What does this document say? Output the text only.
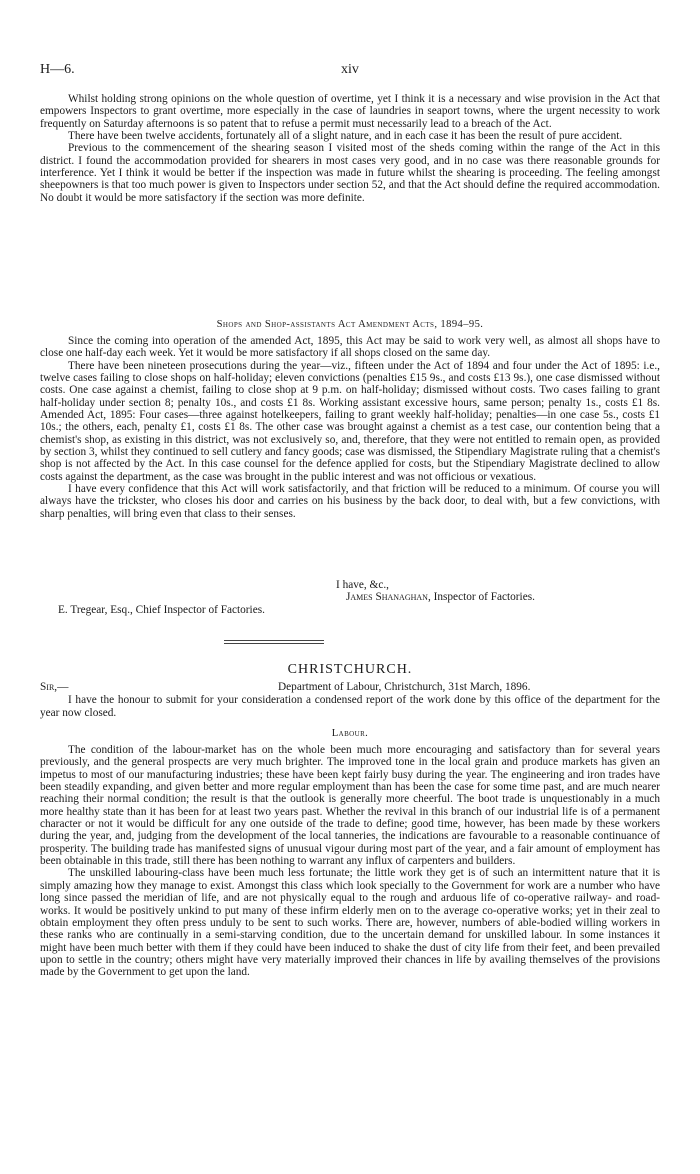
H—6.	xiv

Whilst holding strong opinions on the whole question of overtime, yet I think it is a necessary and wise provision in the Act that empowers Inspectors to grant overtime, more especially in the case of laundries in seaport towns, where the urgent necessity to work frequently on Saturday afternoons is so patent that to refuse a permit must necessarily lead to a breach of the Act.

There have been twelve accidents, fortunately all of a slight nature, and in each case it has been the result of pure accident.

Previous to the commencement of the shearing season I visited most of the sheds coming within the range of the Act in this district. I found the accommodation provided for shearers in most cases very good, and in no case was there reasonable grounds for interference. Yet I think it would be better if the inspection was made in future whilst the shearing is proceeding. The feeling amongst sheepowners is that too much power is given to Inspectors under section 52, and that the Act should define the required accommodation. No doubt it would be more satisfactory if the section was more definite.

Shops and Shop-assistants Act Amendment Acts, 1894–95.

Since the coming into operation of the amended Act, 1895, this Act may be said to work very well, as almost all shops have to close one half-day each week. Yet it would be more satisfactory if all shops closed on the same day.

There have been nineteen prosecutions during the year—viz., fifteen under the Act of 1894 and four under the Act of 1895: i.e., twelve cases failing to close shops on half-holiday; eleven convictions (penalties £15 9s., and costs £13 9s.), one case dismissed without costs. One case against a chemist, failing to close shop at 9 p.m. on half-holiday; dismissed without costs. Two cases failing to grant half-holiday under section 8; penalty 10s., and costs £1 8s. Working assistant excessive hours, same person; penalty 1s., costs £1 8s. Amended Act, 1895: Four cases—three against hotelkeepers, failing to grant weekly half-holiday; penalties—in one case 5s., costs £1 10s.; the others, each, penalty £1, costs £1 8s. The other case was brought against a chemist as a test case, our contention being that a chemist's shop, as existing in this district, was not exclusively so, and, therefore, that they were not entitled to remain open, as provided by section 3, whilst they continued to sell cutlery and fancy goods; case was dismissed, the Stipendiary Magistrate ruling that a chemist's shop is not affected by the Act. In this case counsel for the defence applied for costs, but the Stipendiary Magistrate declined to allow costs against the department, as the case was brought in the public interest and was not officious or vexatious.

I have every confidence that this Act will work satisfactorily, and that friction will be reduced to a minimum. Of course you will always have the trickster, who closes his door and carries on his business by the back door, to deal with, but a few convictions, with sharp penalties, will bring even that class to their senses.

I have, &c.,
James Shanaghan, Inspector of Factories.
E. Tregear, Esq., Chief Inspector of Factories.

CHRISTCHURCH.

Sir,—	Department of Labour, Christchurch, 31st March, 1896.

I have the honour to submit for your consideration a condensed report of the work done by this office of the department for the year now closed.

Labour.

The condition of the labour-market has on the whole been much more encouraging and satisfactory than for several years previously, and the general prospects are very much brighter. The improved tone in the local grain and produce markets has given an impetus to most of our manufacturing industries; these have been kept fairly busy during the year. The engineering and iron trades have been steadily expanding, and given better and more regular employment than has been the case for some time past, and are much nearer reaching their normal condition; the result is that the outlook is generally more cheerful. The boot trade is unquestionably in a much more healthy state than it has been for at least two years past. Whether the revival in this branch of our industrial life is of a permanent character or not it would be difficult for any one outside of the trade to define; good time, however, has been made by these workers during the year, and, judging from the development of the local tanneries, the indications are favourable to a reasonable continuance of prosperity. The building trade has manifested signs of unusual vigour during most part of the year, and a fair amount of employment has been obtainable in this trade, still there has been nothing to warrant any influx of carpenters and builders.

The unskilled labouring-class have been much less fortunate; the little work they get is of such an intermittent nature that it is simply amazing how they manage to exist. Amongst this class which look specially to the Government for work are a number who have long since passed the meridian of life, and are not physically equal to the rough and arduous life of co-operative railway- and road-works. It would be positively unkind to put many of these infirm elderly men on to the average co-operative works; yet in their zeal to obtain employment they often press unduly to be sent to such works. There are, however, numbers of able-bodied willing workers in these ranks who are continually in a semi-starving condition, due to the uncertain demand for unskilled labour. In some instances it might have been much better with them if they could have been induced to shake the dust of city life from their feet, and been prevailed upon to settle in the country; others might have very materially improved their chances in life by availing themselves of the provisions made by the Government to get upon the land.
